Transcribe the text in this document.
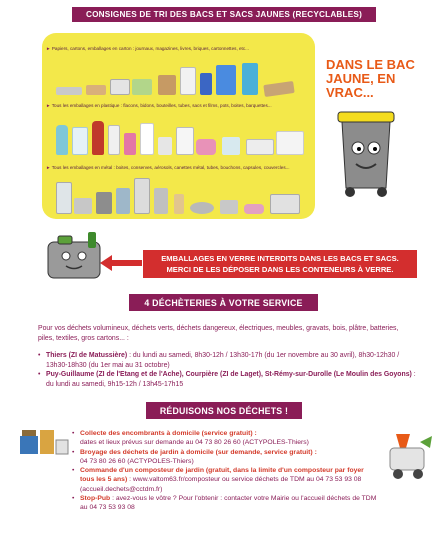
CONSIGNES DE TRI DES BACS ET SACS JAUNES (RECYCLABLES)
► Papiers, cartons, emballages en carton : journaux, magazines, livres, briques, cartonnettes, etc...
► Tous les emballages en plastique : flacons, bidons, bouteilles, tubes, sacs et films, pots, boites, barquettes...
► Tous les emballages en métal : boites, conserves, aérosols, canettes métal, tubes, bouchons, capsules, couvercles...
DANS LE BAC JAUNE, EN VRAC...
EMBALLAGES EN VERRE INTERDITS DANS LES BACS ET SACS.
MERCI DE LES DÉPOSER DANS LES CONTENEURS À VERRE.
4 DÉCHÈTERIES À VOTRE SERVICE
Pour vos déchets volumineux, déchets verts, déchets dangereux, électriques, meubles, gravats, bois, plâtre, batteries, piles, textiles, gros cartons... :
• Thiers (ZI de Matussière) : du lundi au samedi, 8h30-12h / 13h30-17h (du 1er novembre au 30 avril), 8h30-12h30 / 13h30-18h30 (du 1er mai au 31 octobre)
• Puy-Guillaume (ZI de l'Etang et de l'Ache), Courpière (ZI de Laget), St-Rémy-sur-Durolle (Le Moulin des Goyons) : du lundi au samedi, 9h15-12h / 13h45-17h15
RÉDUISONS NOS DÉCHETS !
• Collecte des encombrants à domicile (service gratuit) :
dates et lieux prévus sur demande au 04 73 80 26 60 (ACTYPOLES-Thiers)
• Broyage des déchets de jardin à domicile (sur demande, service gratuit) :
04 73 80 26 60 (ACTYPOLES-Thiers)
• Commande d'un composteur de jardin (gratuit, dans la limite d'un composteur par foyer tous les 5 ans) : www.valtom63.fr/composteur ou service déchets de TDM au 04 73 53 93 08 (accueil.dechets@cctdm.fr)
• Stop-Pub : avez-vous le vôtre ? Pour l'obtenir : contacter votre Mairie ou l'accueil déchets de TDM au 04 73 53 93 08
